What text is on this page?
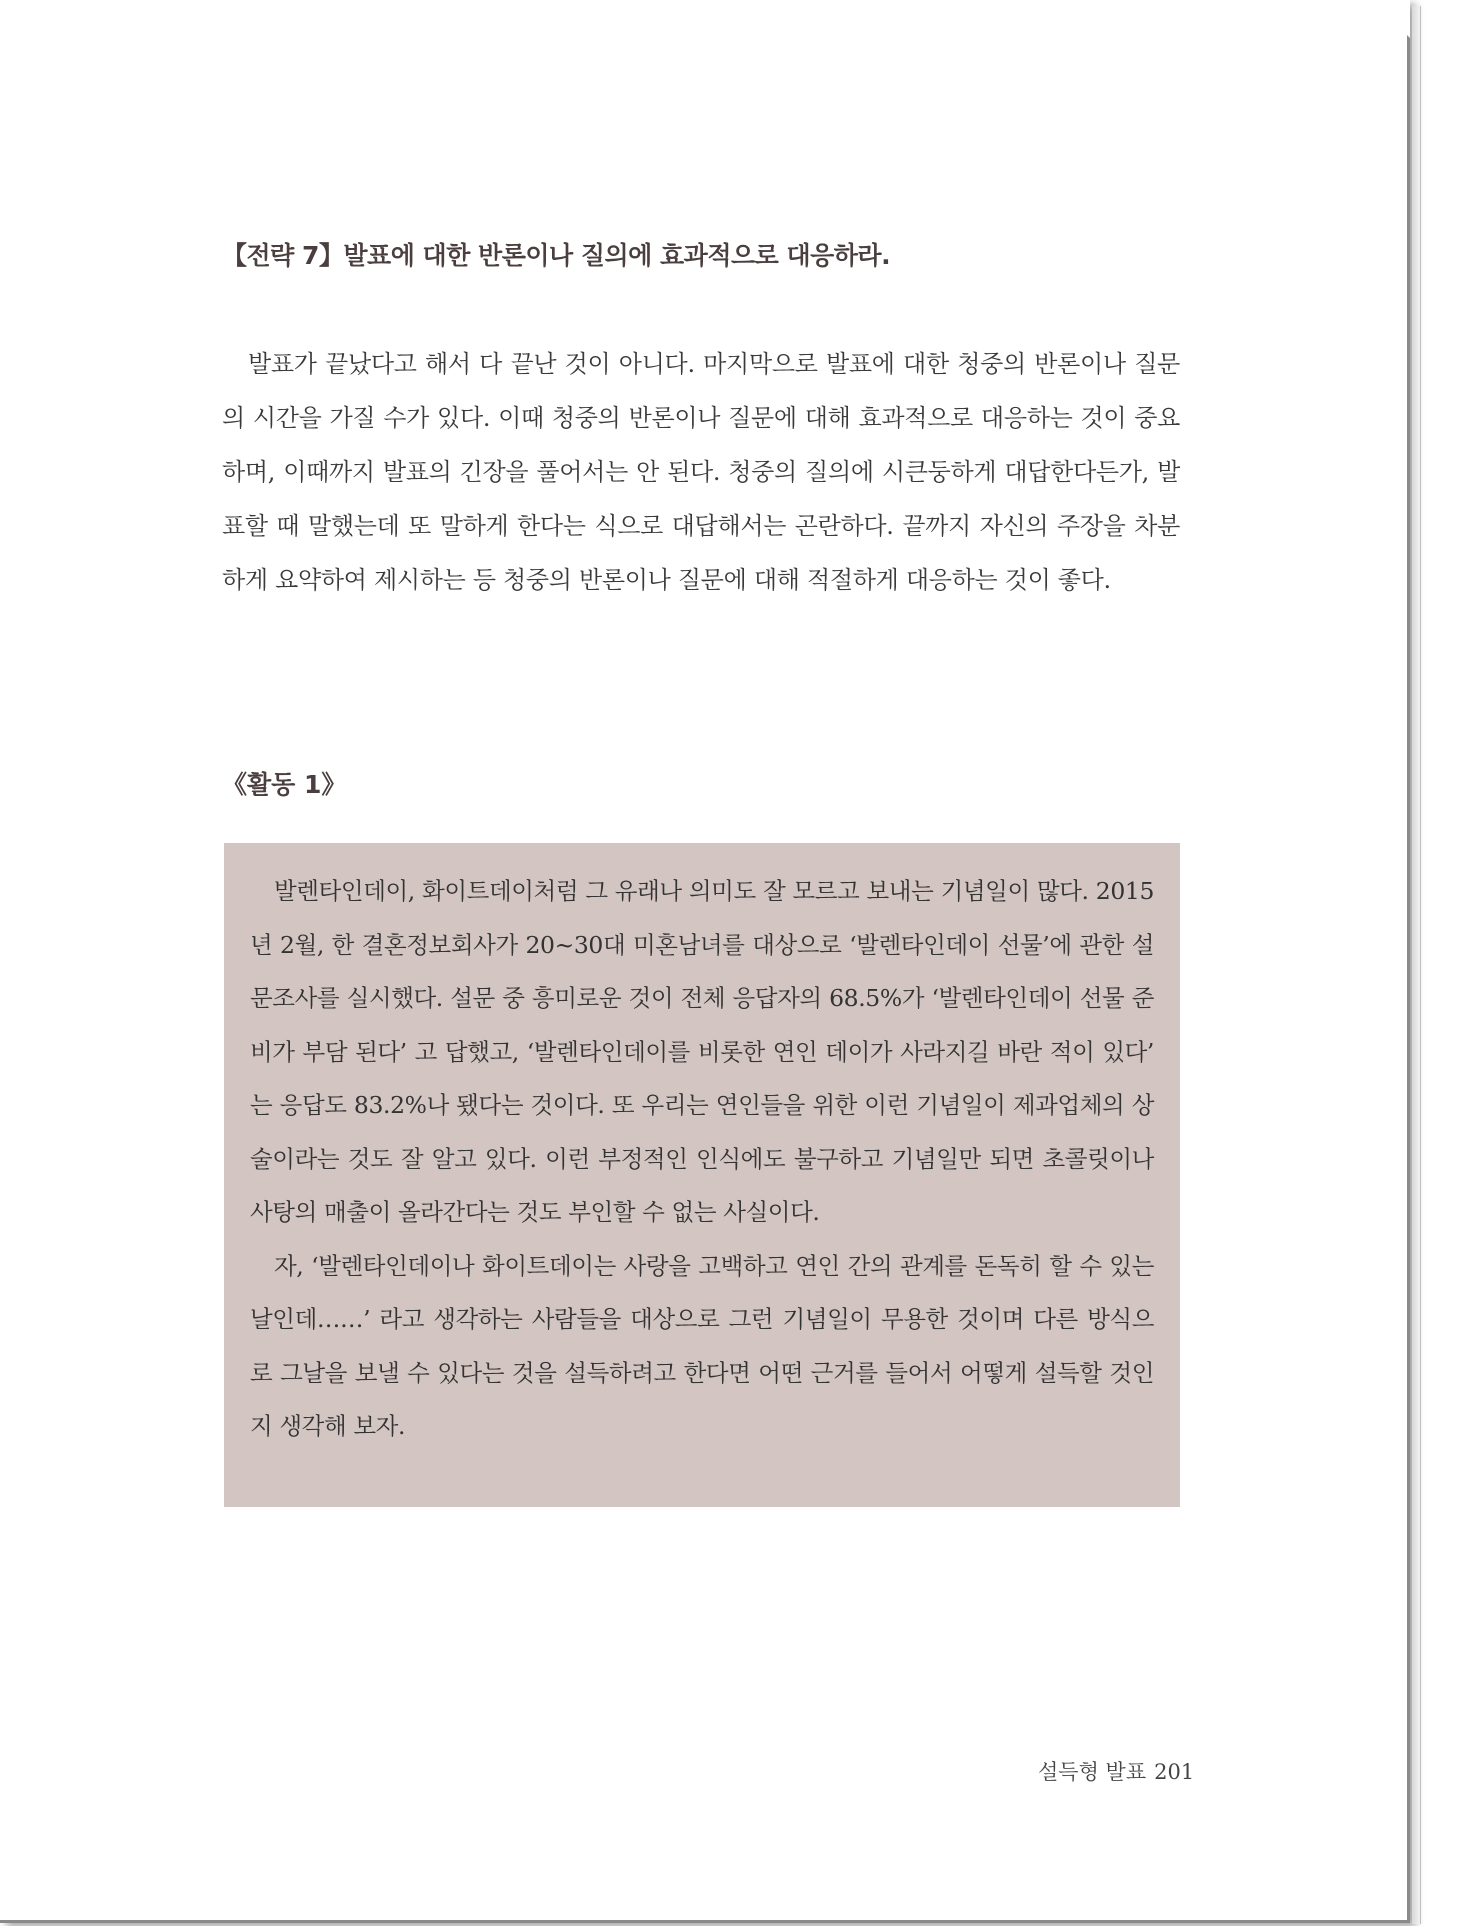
【전략 7】발표에 대한 반론이나 질의에 효과적으로 대응하라.
발표가 끝났다고 해서 다 끝난 것이 아니다. 마지막으로 발표에 대한 청중의 반론이나 질문의 시간을 가질 수가 있다. 이때 청중의 반론이나 질문에 대해 효과적으로 대응하는 것이 중요하며, 이때까지 발표의 긴장을 풀어서는 안 된다. 청중의 질의에 시큰둥하게 대답한다든가, 발표할 때 말했는데 또 말하게 한다는 식으로 대답해서는 곤란하다. 끝까지 자신의 주장을 차분하게 요약하여 제시하는 등 청중의 반론이나 질문에 대해 적절하게 대응하는 것이 좋다.
《활동 1》

발렌타인데이, 화이트데이처럼 그 유래나 의미도 잘 모르고 보내는 기념일이 많다. 2015년 2월, 한 결혼정보회사가 20~30대 미혼남녀를 대상으로 ‘발렌타인데이 선물’에 관한 설문조사를 실시했다. 설문 중 흥미로운 것이 전체 응답자의 68.5%가 ‘발렌타인데이 선물 준비가 부담 된다’ 고 답했고, ‘발렌타인데이를 비롯한 연인 데이가 사라지길 바란 적이 있다’ 는 응답도 83.2%나 됐다는 것이다. 또 우리는 연인들을 위한 이런 기념일이 제과업체의 상술이라는 것도 잘 알고 있다. 이런 부정적인 인식에도 불구하고 기념일만 되면 초콜릿이나 사탕의 매출이 올라간다는 것도 부인할 수 없는 사실이다.

자, ‘발렌타인데이나 화이트데이는 사랑을 고백하고 연인 간의 관계를 돈독히 할 수 있는 날인데……’ 라고 생각하는 사람들을 대상으로 그런 기념일이 무용한 것이며 다른 방식으로 그날을 보낼 수 있다는 것을 설득하려고 한다면 어떤 근거를 들어서 어떻게 설득할 것인지 생각해 보자.

설득형 발표 201
